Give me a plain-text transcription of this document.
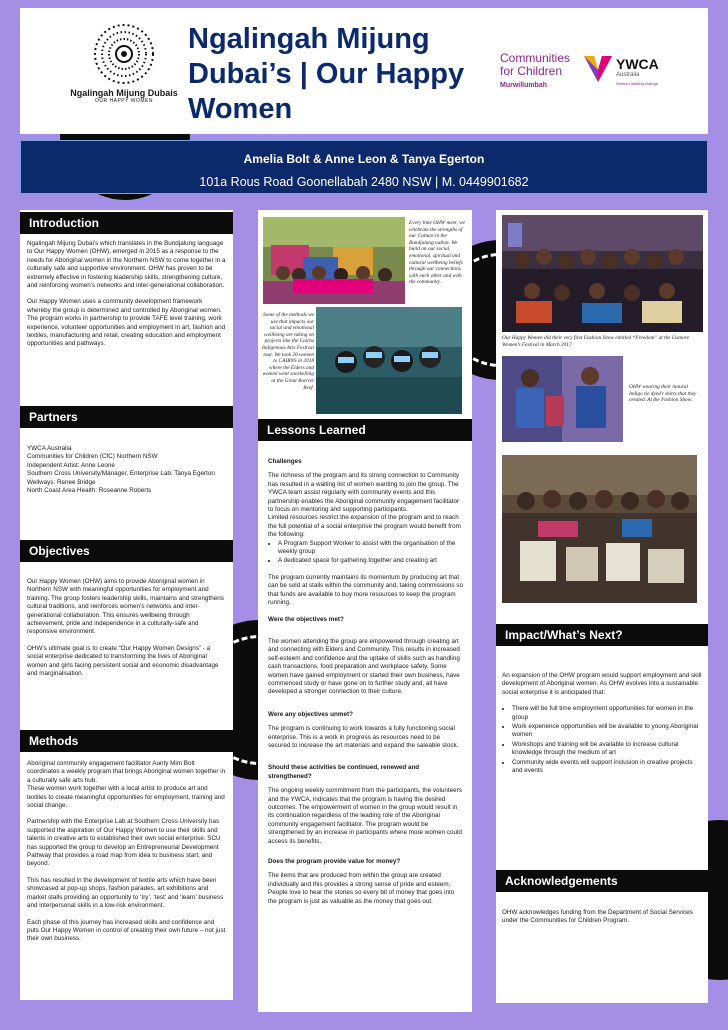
Ngalingah Mijung Dubais
OUR HAPPY WOMEN
Ngalingah Mijung Dubai’s | Our Happy Women
Communities
for Children
Murwillumbah
YWCA
Australia
Women leading change
Amelia Bolt & Anne Leon & Tanya Egerton
101a Rous Road Goonellabah 2480 NSW | M. 0449901682
Introduction

Ngalingah Mijung Dubai’s which translates in the Bundjalung language to Our Happy Women (OHW), emerged in 2015 as a response to the needs for Aboriginal women in the Northern NSW to come together in a culturally safe and supportive environment. OHW has proven to be extremely effective in fostering leadership skills, strengthening culture, and reinforcing women’s networks and inter-generational collaboration.

Our Happy Women uses a community development framework whereby the group is determined and controlled by Aboriginal women. The program works in partnership to provide TAFE level training, work experience, volunteer opportunities and employment in art, fashion and textiles, manufacturing and retail, creating education and employment opportunities and pathways.

Partners
YWCA Australia
Communities for Children (CfC) Northern NSW
Independent Artist: Anne Leone
Southern Cross University/Manager, Enterprise Lab: Tanya Egerton
Wellways: Renee Bridge
North Coast Area Health: Roseanne Roberts
Objectives

Our Happy Women (OHW) aims to provide Aboriginal women in Northern NSW with meaningful opportunities for employment and training. The group fosters leadership skills, maintains and strengthens cultural traditions, and reinforces women’s networks and inter-generational collaboration. This ensures wellbeing through achievement, pride and independence in a culturally-safe and responsive environment.

OHW’s ultimate goal is to create “Our Happy Women Designs” - a social enterprise dedicated to transforming the lives of Aboriginal women and girls facing persistent social and economic disadvantage and marginalisation.

Methods
Aboriginal community engagement facilitator Aunty Mim Bolt coordinates a weekly program that brings Aboriginal women together in a culturally safe arts hub.

These women work together with a local artist to produce art and textiles to create meaningful opportunities for employment, training and social change.

Partnership with the Enterprise Lab at Southern Cross University has supported the aspiration of Our Happy Women to use their skills and talents in creative arts to established their own social enterprise. SCU has supported the group to develop an Entrepreneurial Development Pathway that provides a road map from idea to business start, and beyond.

This has resulted in the development of textile arts which have been showcased at pop-up shops, fashion parades, art exhibitions and market stalls providing an opportunity to ‘try’, ‘test’ and ‘learn’ business and interpersonal skills in a low-risk environment.

Each phase of this journey has increased skills and confidence and puts Our Happy Women in control of creating their own future – not just their own business.

Every time OHW meet, we celebrate the strengths of our Culture in the Bundjalung nation. We build on our social, emotional, spiritual and cultural wellbeing beliefs through our connections with each other and with the community.
Some of the methods we use that impacts our social and emotional wellbeing are taking on projects like the Cairns Indigenous Arts Festival tour. We took 20 women to CAIRNS in 2018 where the Elders and women went snorkelling at the Great Barrier Reef.
Lessons Learned
Challenges
The richness of the program and its strong connection to Community has resulted in a waiting list of women wanting to join the group. The YWCA team assist regularly with community events and this partnership enables the Aboriginal community engagement facilitator to focus on mentoring and supporting participants.
Limited resources restrict the expansion of the program and to reach the full potential of a social enterprise the program would benefit from the following:
• A Program Support Worker to assist with the organisation of the weekly group
• A dedicated space for gathering together and creating art

The program currently maintains its momentum by producing art that can be sold at stalls within the community and, taking commissions so that funds are available to buy more resources to keep the program running.

Were the objectives met?

The women attending the group are empowered through creating art and connecting with Elders and Community. This results in increased self-esteem and confidence and the uptake of skills such as handling cash transactions, food preparation and workplace safety. Some women have gained employment or started their own business, have commenced study or have gone on to further study and, all have developed a stronger connection to their culture.

Were any objectives unmet?

The program is continuing to work towards a fully functioning social enterprise. This is a work in progress as resources need to be secured to increase the art materials and expand the saleable stock.

Should these activities be continued, renewed and strengthened?

The ongoing weekly commitment from the participants, the volunteers and the YWCA, indicates that the program is having the desired outcomes. The empowerment of women in the group would result in its continuation regardless of the leading role of the Aboriginal community engagement facilitator. The program would be strengthened by an increase in participants where more women could access its benefits.

Does the program provide value for money?

The items that are produced from within the group are created individually and this provides a strong sense of pride and esteem. People love to hear the stories so every bit of money that goes into the program is just as valuable as the money that goes out.

Our Happy Women did their very first Fashion Show entitled “Freedom” at the Lismore Women’s Festival in March 2017
OHW wearing their natural Indigo tie dyed t shirts that they created. At the Fashion Show.
Impact/What’s Next?

An expansion of the OHW program would support employment and skill development of Aboriginal women. As OHW evolves into a sustainable social enterprise it is anticipated that:

• There will be full time employment opportunities for women in the group
• Work experience opportunities will be available to young Aboriginal women
• Workshops and training will be available to increase cultural knowledge through the medium of art
• Community wide events will support inclusion in creative projects and events
Acknowledgements
OHW acknowledges funding from the Department of Social Services under the Communities for Children Program.
